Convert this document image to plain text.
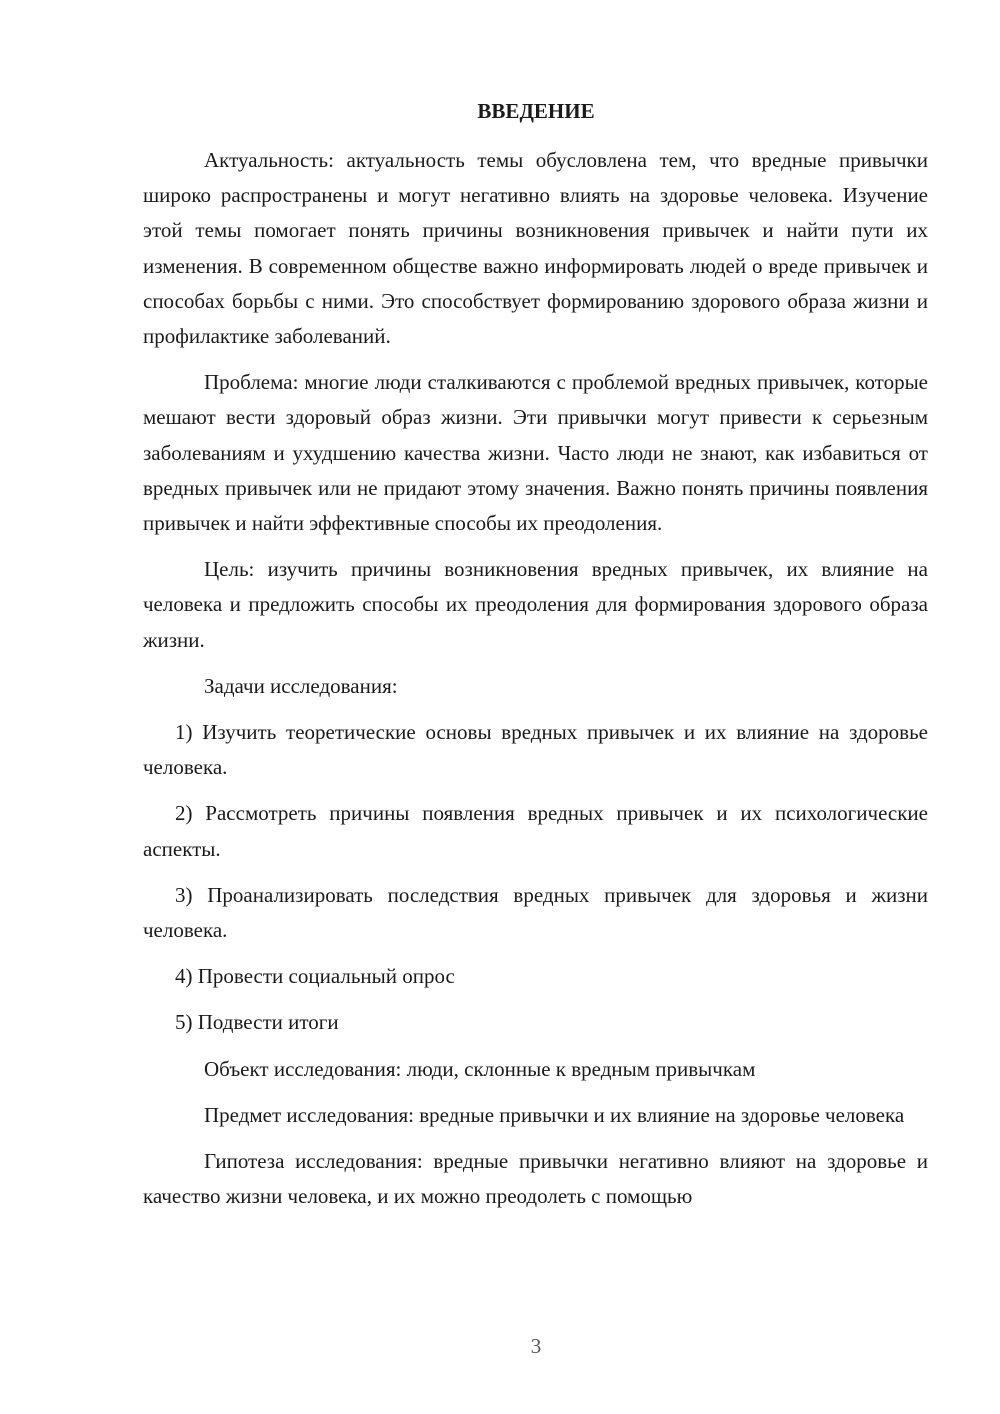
ВВЕДЕНИЕ

Актуальность: актуальность темы обусловлена тем, что вредные привычки широко распространены и могут негативно влиять на здоровье человека. Изучение этой темы помогает понять причины возникновения привычек и найти пути их изменения. В современном обществе важно информировать людей о вреде привычек и способах борьбы с ними. Это способствует формированию здорового образа жизни и профилактике заболеваний.

Проблема: многие люди сталкиваются с проблемой вредных привычек, которые мешают вести здоровый образ жизни. Эти привычки могут привести к серьезным заболеваниям и ухудшению качества жизни. Часто люди не знают, как избавиться от вредных привычек или не придают этому значения. Важно понять причины появления привычек и найти эффективные способы их преодоления.

Цель: изучить причины возникновения вредных привычек, их влияние на человека и предложить способы их преодоления для формирования здорового образа жизни.

Задачи исследования:

1) Изучить теоретические основы вредных привычек и их влияние на здоровье человека.

2) Рассмотреть причины появления вредных привычек и их психологические аспекты.

3) Проанализировать последствия вредных привычек для здоровья и жизни человека.

4) Провести социальный опрос

5) Подвести итоги

Объект исследования: люди, склонные к вредным привычкам

Предмет исследования: вредные привычки и их влияние на здоровье человека

Гипотеза исследования: вредные привычки негативно влияют на здоровье и качество жизни человека, и их можно преодолеть с помощью

3
